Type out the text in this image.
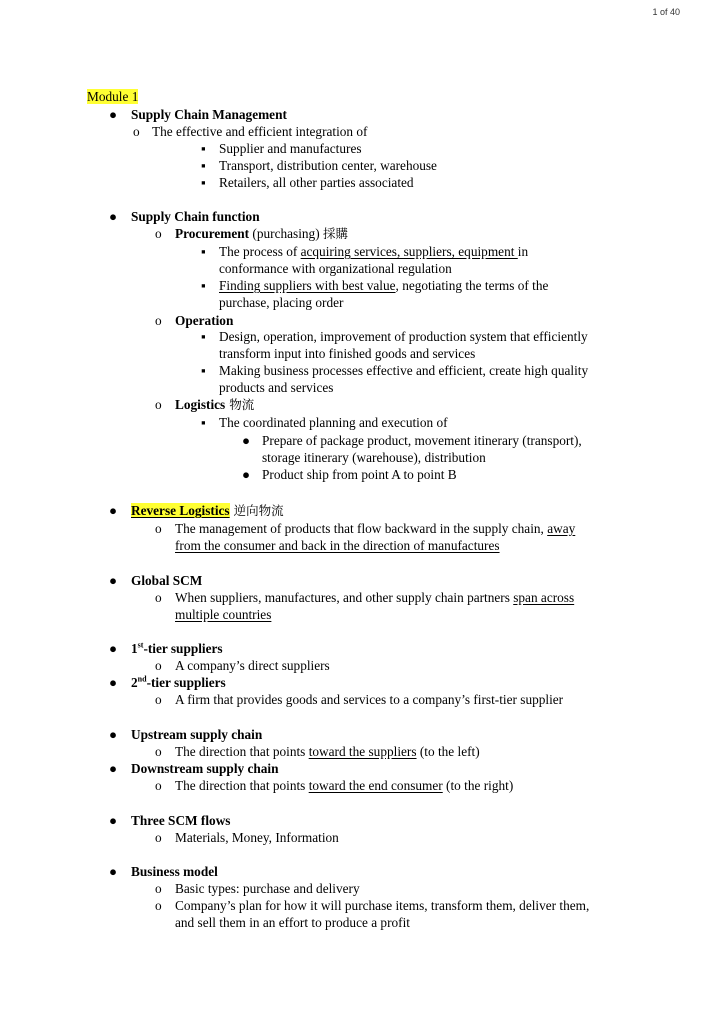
1 of 40
Module 1
● Supply Chain Management
o The effective and efficient integration of
▪ Supplier and manufactures
▪ Transport, distribution center, warehouse
▪ Retailers, all other parties associated
● Supply Chain function
o Procurement (purchasing) 採購
▪ The process of acquiring services, suppliers, equipment in
conformance with organizational regulation
▪ Finding suppliers with best value, negotiating the terms of the
purchase, placing order
o Operation
▪ Design, operation, improvement of production system that efficiently
transform input into finished goods and services
▪ Making business processes effective and efficient, create high quality
products and services
o Logistics 物流
▪ The coordinated planning and execution of
● Prepare of package product, movement itinerary (transport),
storage itinerary (warehouse), distribution
● Product ship from point A to point B
● Reverse Logistics 逆向物流
o The management of products that flow backward in the supply chain, away
from the consumer and back in the direction of manufactures
● Global SCM
o When suppliers, manufactures, and other supply chain partners span across
multiple countries
● 1st-tier suppliers
o A company’s direct suppliers
● 2nd-tier suppliers
o A firm that provides goods and services to a company’s first-tier supplier
● Upstream supply chain
o The direction that points toward the suppliers (to the left)
● Downstream supply chain
o The direction that points toward the end consumer (to the right)
● Three SCM flows
o Materials, Money, Information
● Business model
o Basic types: purchase and delivery
o Company’s plan for how it will purchase items, transform them, deliver them,
and sell them in an effort to produce a profit
